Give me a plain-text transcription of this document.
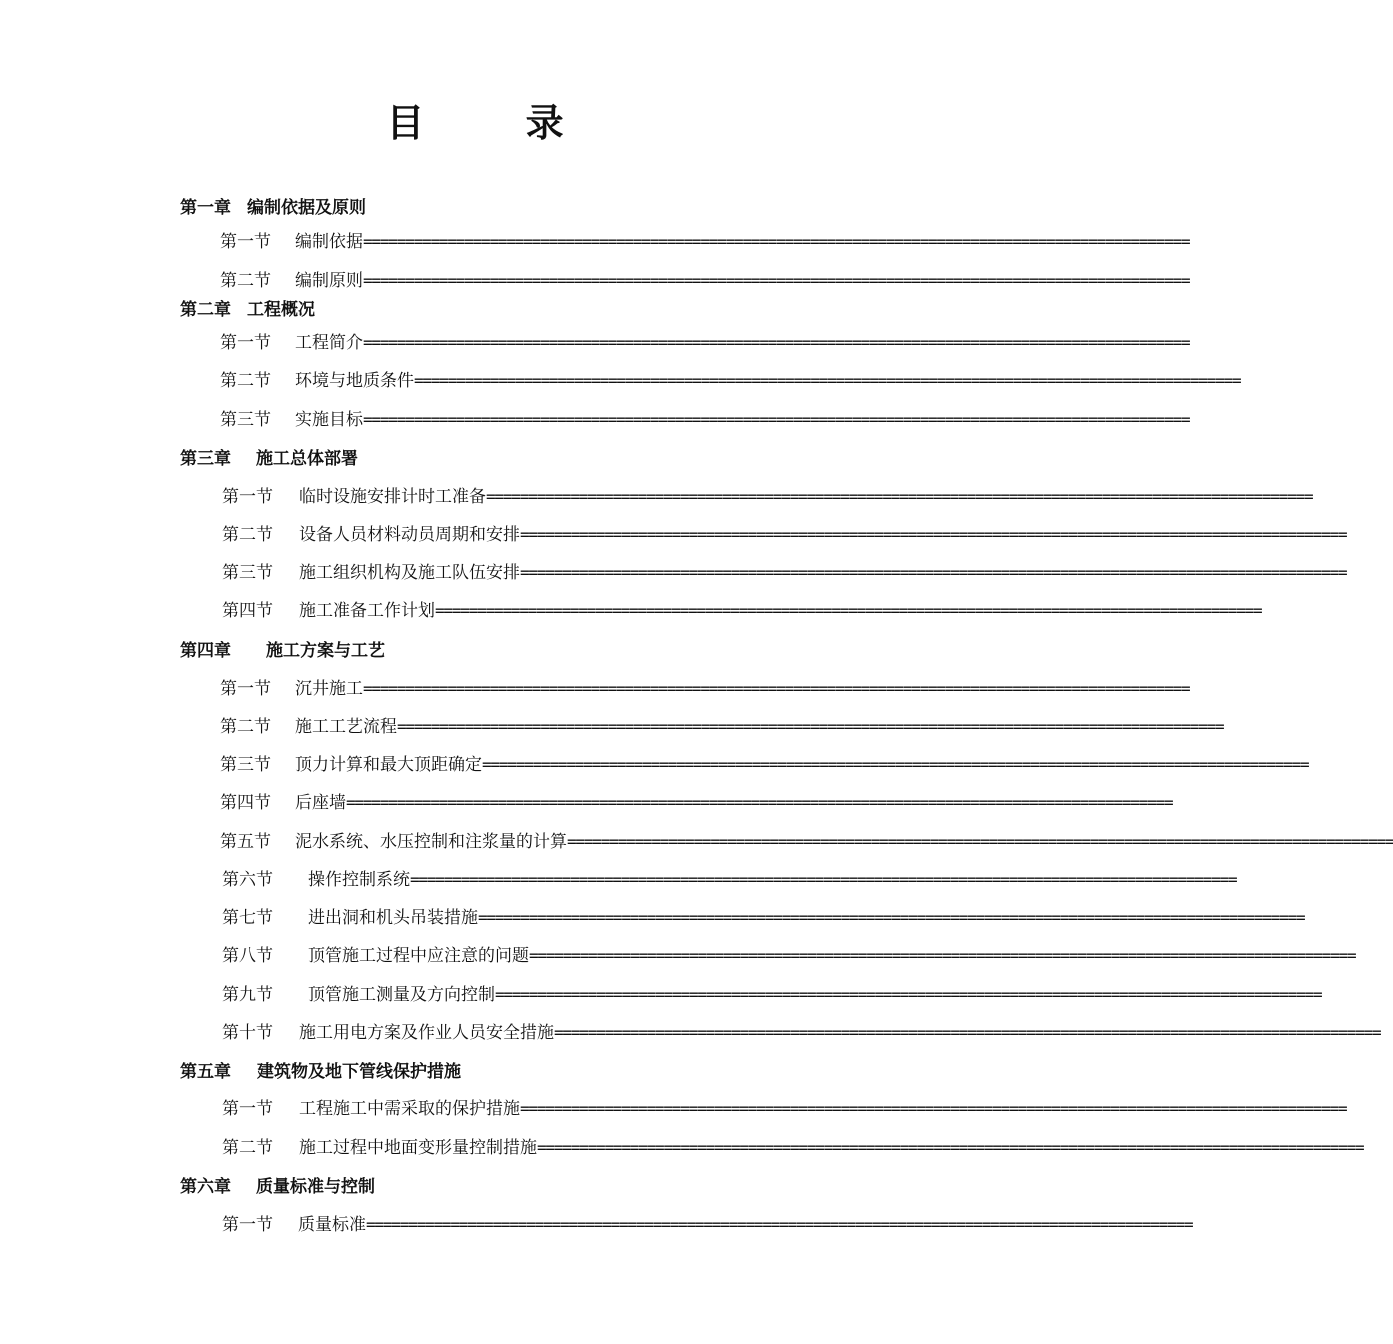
目 录
第一章 编制依据及原则
第一节	编制依据 ==================================================================================================
第二节	编制原则 ==================================================================================================
第二章 工程概况
第一节	工程简介 ==================================================================================================
第二节	环境与地质条件 ==================================================================================================
第三节	实施目标 ==================================================================================================
第三章 施工总体部署
第一节	临时设施安排计时工准备 ==================================================================================================
第二节	设备人员材料动员周期和安排 ==================================================================================================
第三节	施工组织机构及施工队伍安排 ==================================================================================================
第四节	施工准备工作计划 ==================================================================================================
第四章 施工方案与工艺
第一节	沉井施工 ==================================================================================================
第二节	施工工艺流程 ==================================================================================================
第三节	顶力计算和最大顶距确定 ==================================================================================================
第四节	后座墙 ==================================================================================================
第五节	泥水系统、水压控制和注浆量的计算 ==================================================================================================
第六节	操作控制系统 ==================================================================================================
第七节	进出洞和机头吊装措施 ==================================================================================================
第八节	顶管施工过程中应注意的问题 ==================================================================================================
第九节	顶管施工测量及方向控制 ==================================================================================================
第十节	施工用电方案及作业人员安全措施 ==================================================================================================
第五章 建筑物及地下管线保护措施
第一节	工程施工中需采取的保护措施 ==================================================================================================
第二节	施工过程中地面变形量控制措施 ==================================================================================================
第六章 质量标准与控制
第一节	质量标准 ==================================================================================================
